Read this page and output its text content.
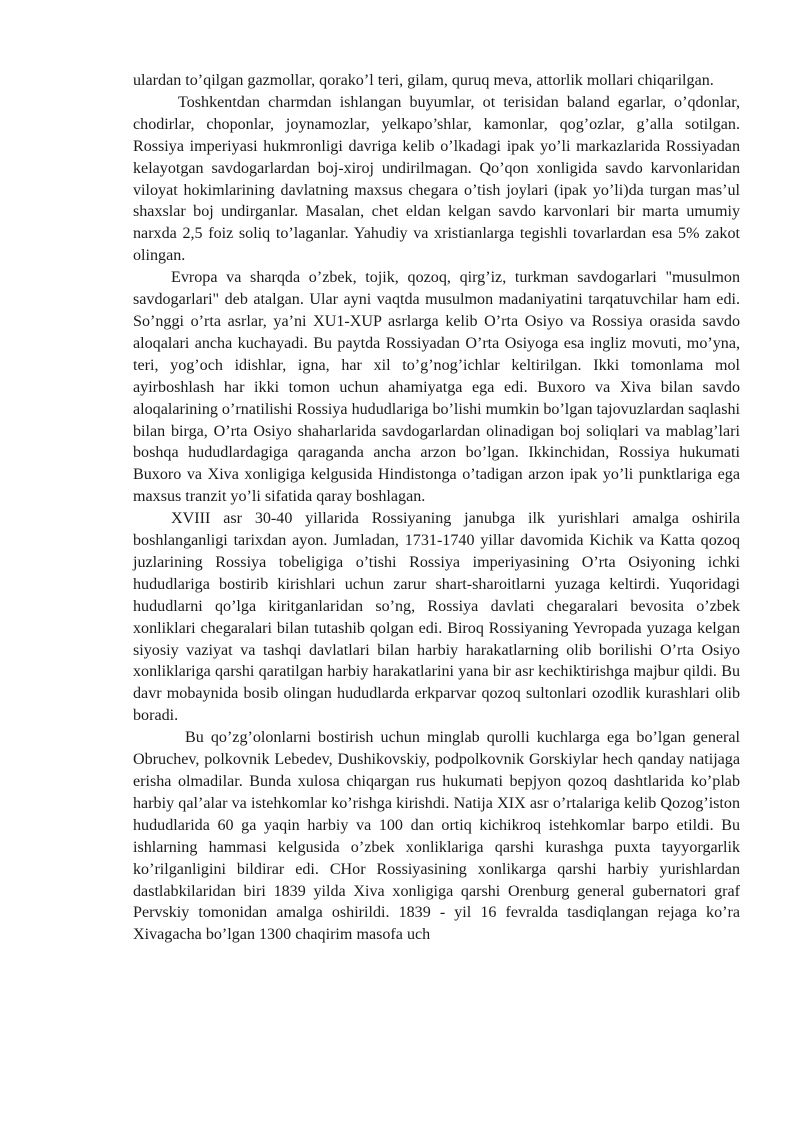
ulardan to’qilgan gazmollar, qorako’l teri, gilam, quruq meva, attorlik mollari chiqarilgan.

Toshkentdan charmdan ishlangan buyumlar, ot terisidan baland egarlar, o’qdonlar, chodirlar, choponlar, joynamozlar, yelkapo’shlar, kamonlar, qog’ozlar, g’alla sotilgan. Rossiya imperiyasi hukmronligi davriga kelib o’lkadagi ipak yo’li markazlarida Rossiyadan kelayotgan savdogarlardan boj-xiroj undirilmagan. Qo’qon xonligida savdo karvonlaridan viloyat hokimlarining davlatning maxsus chegara o’tish joylari (ipak yo’li)da turgan mas’ul shaxslar boj undirganlar. Masalan, chet eldan kelgan savdo karvonlari bir marta umumiy narxda 2,5 foiz soliq to’laganlar. Yahudiy va xristianlarga tegishli tovarlardan esa 5% zakot olingan.

Evropa va sharqda o’zbek, tojik, qozoq, qirg’iz, turkman savdogarlari "musulmon savdogarlari" deb atalgan. Ular ayni vaqtda musulmon madaniyatini tarqatuvchilar ham edi. So’nggi o’rta asrlar, ya’ni XU1-XUP asrlarga kelib O’rta Osiyo va Rossiya orasida savdo aloqalari ancha kuchayadi. Bu paytda Rossiyadan O’rta Osiyoga esa ingliz movuti, mo’yna, teri, yog’och idishlar, igna, har xil to’g’nog’ichlar keltirilgan. Ikki tomonlama mol ayirboshlash har ikki tomon uchun ahamiyatga ega edi. Buxoro va Xiva bilan savdo aloqalarining o’rnatilishi Rossiya hududlariga bo’lishi mumkin bo’lgan tajovuzlardan saqlashi bilan birga, O’rta Osiyo shaharlarida savdogarlardan olinadigan boj soliqlari va mablag’lari boshqa hududlardagiga qaraganda ancha arzon bo’lgan. Ikkinchidan, Rossiya hukumati Buxoro va Xiva xonligiga kelgusida Hindistonga o’tadigan arzon ipak yo’li punktlariga ega maxsus tranzit yo’li sifatida qaray boshlagan.

XVIII asr 30-40 yillarida Rossiyaning janubga ilk yurishlari amalga oshirila boshlanganligi tarixdan ayon. Jumladan, 1731-1740 yillar davomida Kichik va Katta qozoq juzlarining Rossiya tobeligiga o’tishi Rossiya imperiyasining O’rta Osiyoning ichki hududlariga bostirib kirishlari uchun zarur shart-sharoitlarni yuzaga keltirdi. Yuqoridagi hududlarni qo’lga kiritganlaridan so’ng, Rossiya davlati chegaralari bevosita o’zbek xonliklari chegaralari bilan tutashib qolgan edi. Biroq Rossiyaning Yevropada yuzaga kelgan siyosiy vaziyat va tashqi davlatlari bilan harbiy harakatlarning olib borilishi O’rta Osiyo xonliklariga qarshi qaratilgan harbiy harakatlarini yana bir asr kechiktirishga majbur qildi. Bu davr mobaynida bosib olingan hududlarda erkparvar qozoq sultonlari ozodlik kurashlari olib boradi.

Bu qo’zg’olonlarni bostirish uchun minglab qurolli kuchlarga ega bo’lgan general Obruchev, polkovnik Lebedev, Dushikovskiy, podpolkovnik Gorskiylar hech qanday natijaga erisha olmadilar. Bunda xulosa chiqargan rus hukumati bepjyon qozoq dashtlarida ko’plab harbiy qal’alar va istehkomlar ko’rishga kirishdi. Natija XIX asr o’rtalariga kelib Qozog’iston hududlarida 60 ga yaqin harbiy va 100 dan ortiq kichikroq istehkomlar barpo etildi. Bu ishlarning hammasi kelgusida o’zbek xonliklariga qarshi kurashga puxta tayyorgarlik ko’rilganligini bildirar edi. CHor Rossiyasining xonlikarga qarshi harbiy yurishlardan dastlabkilaridan biri 1839 yilda Xiva xonligiga qarshi Orenburg general gubernatori graf Pervskiy tomonidan amalga oshirildi. 1839 - yil 16 fevralda tasdiqlangan rejaga ko’ra Xivagacha bo’lgan 1300 chaqirim masofa uch
